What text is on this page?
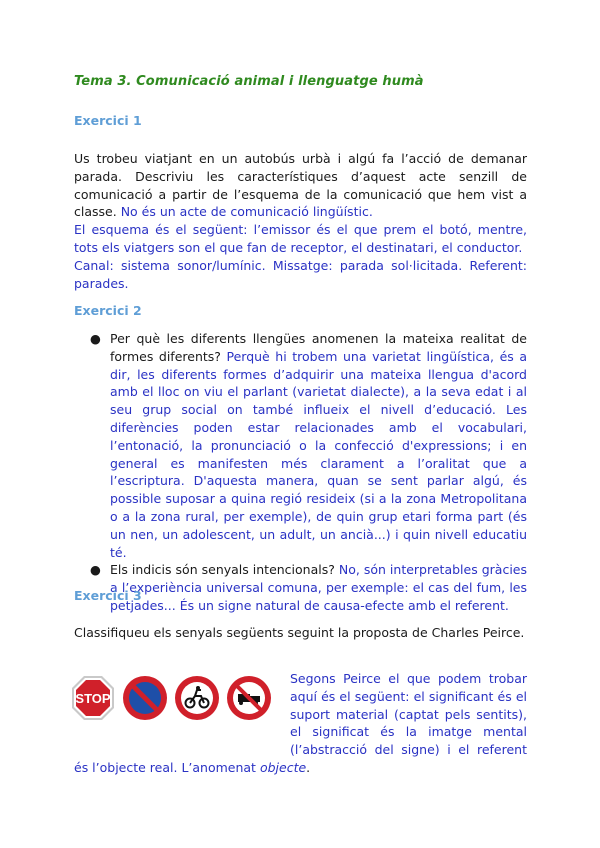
Tema 3. Comunicació animal i llenguatge humà
Exercici 1

Us trobeu viatjant en un autobús urbà i algú fa l’acció de demanar parada. Descriviu les característiques d’aquest acte senzill de comunicació a partir de l’esquema de la comunicació que hem vist a classe. No és un acte de comunicació lingüístic.

El esquema és el següent: l’emissor és el que prem el botó, mentre, tots els viatgers son el que fan de receptor, el destinatari, el conductor.

Canal: sistema sonor/lumínic. Missatge: parada sol·licitada. Referent: parades.

Exercici 2
● Per què les diferents llengües anomenen la mateixa realitat de formes diferents? Perquè hi trobem una varietat lingüística, és a dir, les diferents formes d’adquirir una mateixa llengua d'acord amb el lloc on viu el parlant (varietat dialecte), a la seva edat i al seu grup social on també influeix el nivell d’educació. Les diferències poden estar relacionades amb el vocabulari, l’entonació, la pronunciació o la confecció d'expressions; i en general es manifesten més clarament a l’oralitat que a l’escriptura. D'aquesta manera, quan se sent parlar algú, és possible suposar a quina regió resideix (si a la zona Metropolitana o a la zona rural, per exemple), de quin grup etari forma part (és un nen, un adolescent, un adult, un ancià...) i quin nivell educatiu té.
● Els indicis són senyals intencionals? No, són interpretables gràcies a l’experiència universal comuna, per exemple: el cas del fum, les petjades... És un signe natural de causa-efecte amb el referent.
Exercici 3

Classifiqueu els senyals següents seguint la proposta de Charles Peirce.

STOP

Segons Peirce el que podem trobar aquí és el següent: el significant és el suport material (captat pels sentits), el significat és la imatge mental (l’abstracció del signe) i el referent és l’objecte real. L’anomenat objecte.
